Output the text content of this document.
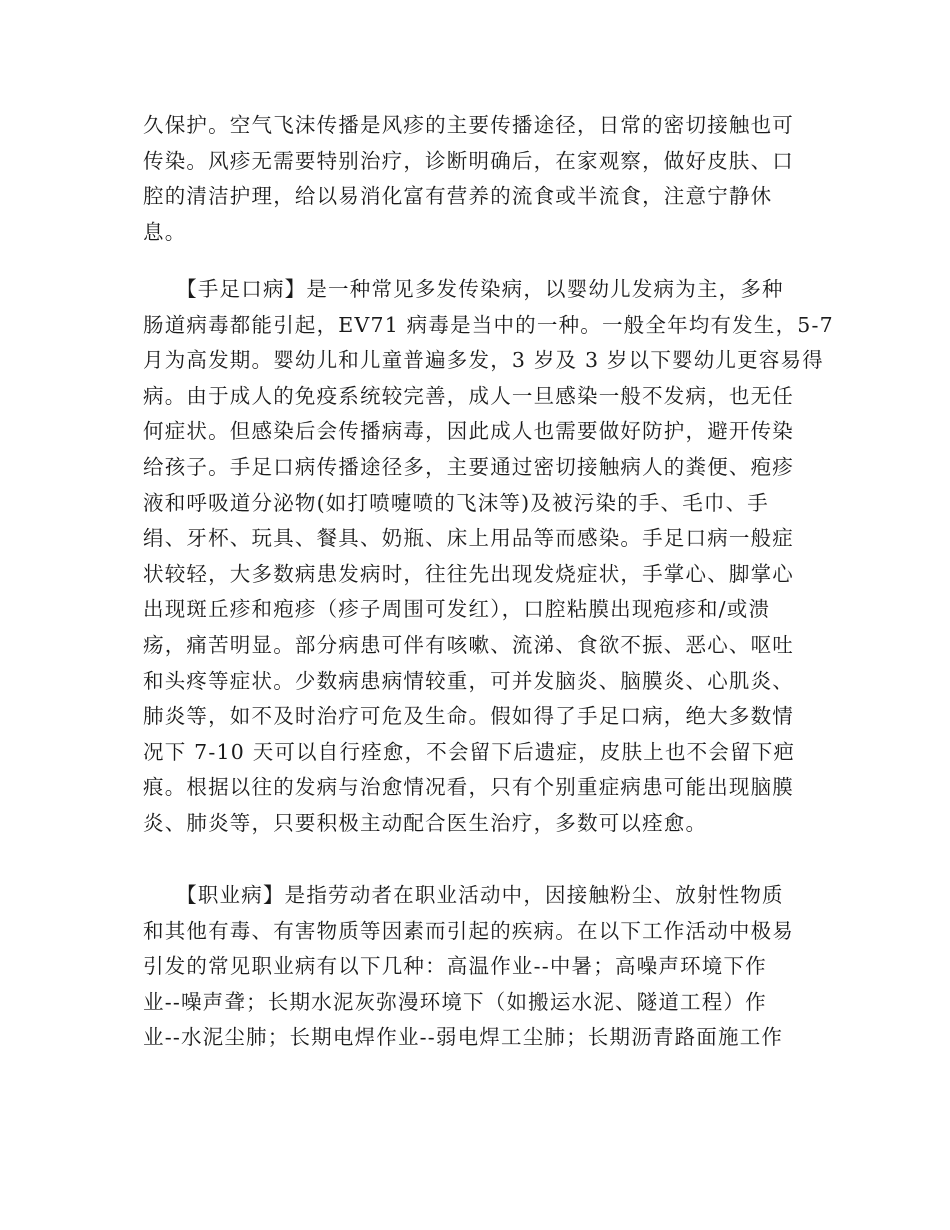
久保护。空气飞沫传播是风疹的主要传播途径，日常的密切接触也可
传染。风疹无需要特别治疗，诊断明确后，在家观察，做好皮肤、口
腔的清洁护理，给以易消化富有营养的流食或半流食，注意宁静休
息。
　　【手足口病】是一种常见多发传染病，以婴幼儿发病为主，多种
肠道病毒都能引起，EV71 病毒是当中的一种。一般全年均有发生，5-7
月为高发期。婴幼儿和儿童普遍多发，3 岁及 3 岁以下婴幼儿更容易得
病。由于成人的免疫系统较完善，成人一旦感染一般不发病，也无任
何症状。但感染后会传播病毒，因此成人也需要做好防护，避开传染
给孩子。手足口病传播途径多，主要通过密切接触病人的粪便、疱疹
液和呼吸道分泌物(如打喷嚏喷的飞沫等)及被污染的手、毛巾、手
绢、牙杯、玩具、餐具、奶瓶、床上用品等而感染。手足口病一般症
状较轻，大多数病患发病时，往往先出现发烧症状，手掌心、脚掌心
出现斑丘疹和疱疹（疹子周围可发红），口腔粘膜出现疱疹和/或溃
疡，痛苦明显。部分病患可伴有咳嗽、流涕、食欲不振、恶心、呕吐
和头疼等症状。少数病患病情较重，可并发脑炎、脑膜炎、心肌炎、
肺炎等，如不及时治疗可危及生命。假如得了手足口病，绝大多数情
况下 7-10 天可以自行痊愈，不会留下后遗症，皮肤上也不会留下疤
痕。根据以往的发病与治愈情况看，只有个别重症病患可能出现脑膜
炎、肺炎等，只要积极主动配合医生治疗，多数可以痊愈。
　　【职业病】是指劳动者在职业活动中，因接触粉尘、放射性物质
和其他有毒、有害物质等因素而引起的疾病。在以下工作活动中极易
引发的常见职业病有以下几种：高温作业--中暑；高噪声环境下作
业--噪声聋；长期水泥灰弥漫环境下（如搬运水泥、隧道工程）作
业--水泥尘肺；长期电焊作业--弱电焊工尘肺；长期沥青路面施工作
